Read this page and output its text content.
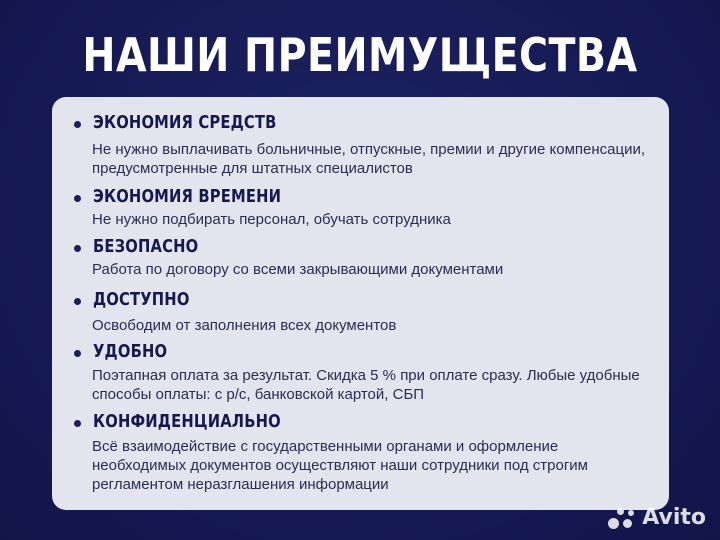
НАШИ ПРЕИМУЩЕСТВА
ЭКОНОМИЯ СРЕДСТВ
Не нужно выплачивать больничные, отпускные, премии и другие компенсации, предусмотренные для штатных специалистов
ЭКОНОМИЯ ВРЕМЕНИ
Не нужно подбирать персонал, обучать сотрудника
БЕЗОПАСНО
Работа по договору со всеми закрывающими документами
ДОСТУПНО
Освободим от заполнения всех документов
УДОБНО
Поэтапная оплата за результат. Скидка 5 % при оплате сразу. Любые удобные способы оплаты: с р/с, банковской картой, СБП
КОНФИДЕНЦИАЛЬНО
Всё взаимодействие с государственными органами и оформление необходимых документов осуществляют наши сотрудники под строгим регламентом неразглашения информации
Avito
